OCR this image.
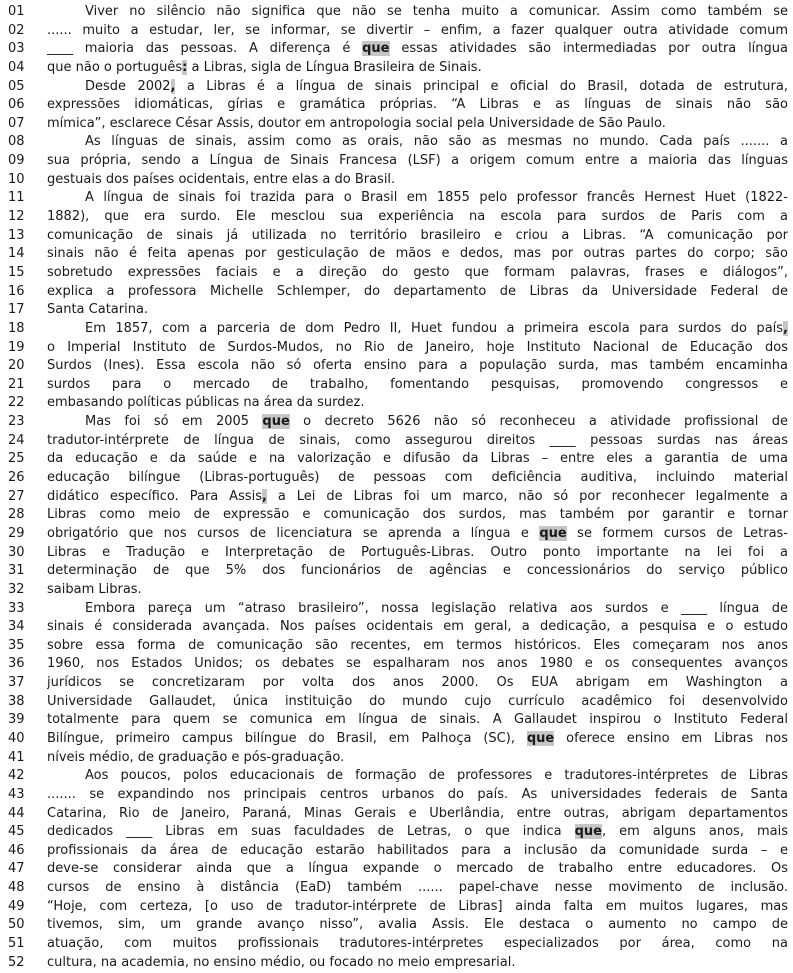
01	Viver no silêncio não significa que não se tenha muito a comunicar. Assim como também se
02	...... muito a estudar, ler, se informar, se divertir – enfim, a fazer qualquer outra atividade comum
03	____ maioria das pessoas. A diferença é que essas atividades são intermediadas por outra língua
04	que não o português: a Libras, sigla de Língua Brasileira de Sinais.
05	Desde 2002, a Libras é a língua de sinais principal e oficial do Brasil, dotada de estrutura,
06	expressões idiomáticas, gírias e gramática próprias. “A Libras e as línguas de sinais não são
07	mímica”, esclarece César Assis, doutor em antropologia social pela Universidade de São Paulo.
08	As línguas de sinais, assim como as orais, não são as mesmas no mundo. Cada país ....... a
09	sua própria, sendo a Língua de Sinais Francesa (LSF) a origem comum entre a maioria das línguas
10	gestuais dos países ocidentais, entre elas a do Brasil.
11	A língua de sinais foi trazida para o Brasil em 1855 pelo professor francês Hernest Huet (1822-
12	1882), que era surdo. Ele mesclou sua experiência na escola para surdos de Paris com a
13	comunicação de sinais já utilizada no território brasileiro e criou a Libras. “A comunicação por
14	sinais não é feita apenas por gesticulação de mãos e dedos, mas por outras partes do corpo; são
15	sobretudo expressões faciais e a direção do gesto que formam palavras, frases e diálogos”,
16	explica a professora Michelle Schlemper, do departamento de Libras da Universidade Federal de
17	Santa Catarina.
18	Em 1857, com a parceria de dom Pedro II, Huet fundou a primeira escola para surdos do país,
19	o Imperial Instituto de Surdos-Mudos, no Rio de Janeiro, hoje Instituto Nacional de Educação dos
20	Surdos (Ines). Essa escola não só oferta ensino para a população surda, mas também encaminha
21	surdos para o mercado de trabalho, fomentando pesquisas, promovendo congressos e
22	embasando políticas públicas na área da surdez.
23	Mas foi só em 2005 que o decreto 5626 não só reconheceu a atividade profissional de
24	tradutor-intérprete de língua de sinais, como assegurou direitos ____ pessoas surdas nas áreas
25	da educação e da saúde e na valorização e difusão da Libras – entre eles a garantia de uma
26	educação bilíngue (Libras-português) de pessoas com deficiência auditiva, incluindo material
27	didático específico. Para Assis, a Lei de Libras foi um marco, não só por reconhecer legalmente a
28	Libras como meio de expressão e comunicação dos surdos, mas também por garantir e tornar
29	obrigatório que nos cursos de licenciatura se aprenda a língua e que se formem cursos de Letras-
30	Libras e Tradução e Interpretação de Português-Libras. Outro ponto importante na lei foi a
31	determinação de que 5% dos funcionários de agências e concessionários do serviço público
32	saibam Libras.
33	Embora pareça um “atraso brasileiro”, nossa legislação relativa aos surdos e ____ língua de
34	sinais é considerada avançada. Nos países ocidentais em geral, a dedicação, a pesquisa e o estudo
35	sobre essa forma de comunicação são recentes, em termos históricos. Eles começaram nos anos
36	1960, nos Estados Unidos; os debates se espalharam nos anos 1980 e os consequentes avanços
37	jurídicos se concretizaram por volta dos anos 2000. Os EUA abrigam em Washington a
38	Universidade Gallaudet, única instituição do mundo cujo currículo acadêmico foi desenvolvido
39	totalmente para quem se comunica em língua de sinais. A Gallaudet inspirou o Instituto Federal
40	Bilíngue, primeiro campus bilíngue do Brasil, em Palhoça (SC), que oferece ensino em Libras nos
41	níveis médio, de graduação e pós-graduação.
42	Aos poucos, polos educacionais de formação de professores e tradutores-intérpretes de Libras
43	....... se expandindo nos principais centros urbanos do país. As universidades federais de Santa
44	Catarina, Rio de Janeiro, Paraná, Minas Gerais e Uberlândia, entre outras, abrigam departamentos
45	dedicados ____ Libras em suas faculdades de Letras, o que indica que, em alguns anos, mais
46	profissionais da área de educação estarão habilitados para a inclusão da comunidade surda – e
47	deve-se considerar ainda que a língua expande o mercado de trabalho entre educadores. Os
48	cursos de ensino à distância (EaD) também ...... papel-chave nesse movimento de inclusão.
49	“Hoje, com certeza, [o uso de tradutor-intérprete de Libras] ainda falta em muitos lugares, mas
50	tivemos, sim, um grande avanço nisso”, avalia Assis. Ele destaca o aumento no campo de
51	atuação, com muitos profissionais tradutores-intérpretes especializados por área, como na
52	cultura, na academia, no ensino médio, ou focado no meio empresarial.
